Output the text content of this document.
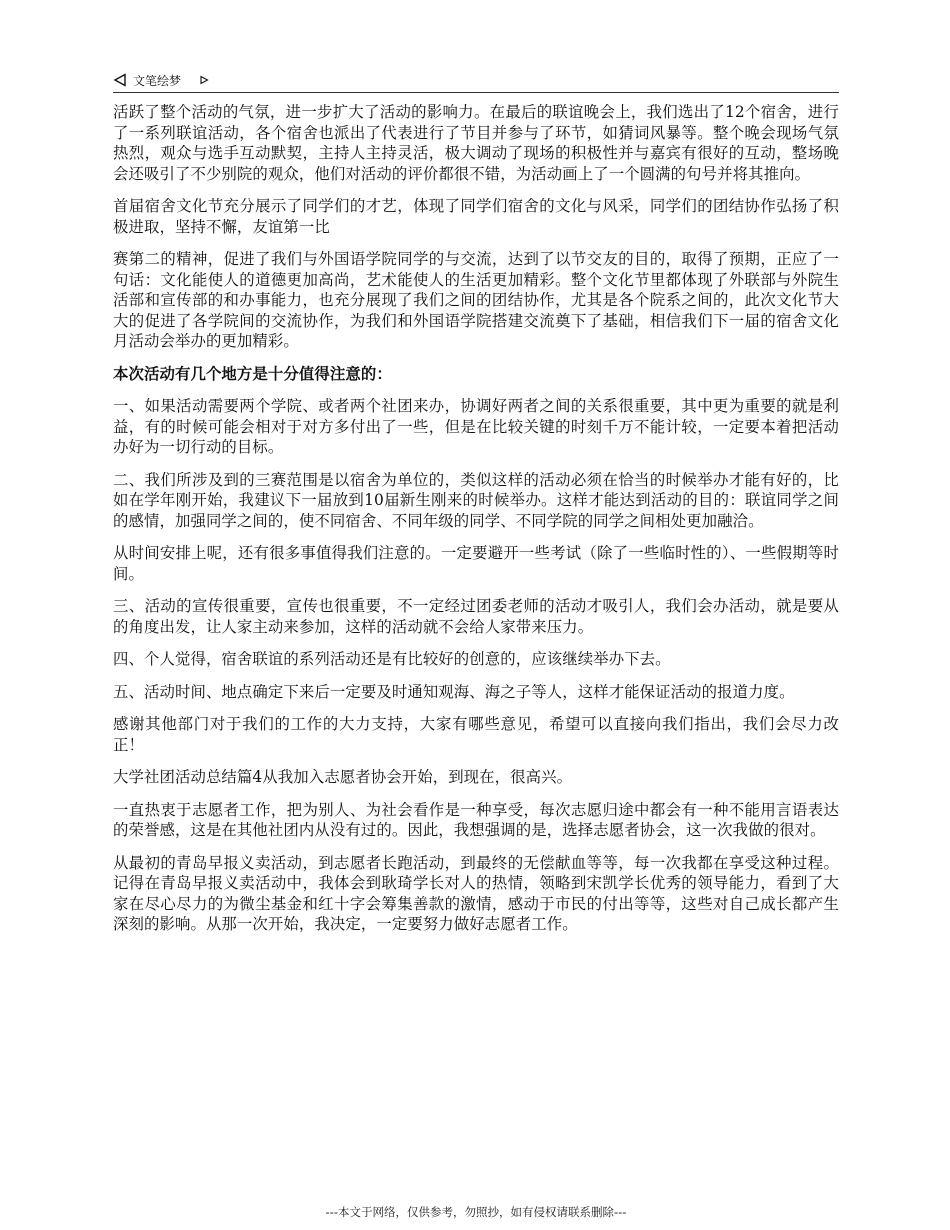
文笔绘梦

活跃了整个活动的气氛，进一步扩大了活动的影响力。在最后的联谊晚会上，我们选出了12个宿舍，进行了一系列联谊活动，各个宿舍也派出了代表进行了节目并参与了环节，如猜词风暴等。整个晚会现场气氛热烈，观众与选手互动默契，主持人主持灵活，极大调动了现场的积极性并与嘉宾有很好的互动，整场晚会还吸引了不少别院的观众，他们对活动的评价都很不错，为活动画上了一个圆满的句号并将其推向。

首届宿舍文化节充分展示了同学们的才艺，体现了同学们宿舍的文化与风采，同学们的团结协作弘扬了积极进取，坚持不懈，友谊第一比

赛第二的精神，促进了我们与外国语学院同学的与交流，达到了以节交友的目的，取得了预期，正应了一句话：文化能使人的道德更加高尚，艺术能使人的生活更加精彩。整个文化节里都体现了外联部与外院生活部和宣传部的和办事能力，也充分展现了我们之间的团结协作，尤其是各个院系之间的，此次文化节大大的促进了各学院间的交流协作，为我们和外国语学院搭建交流奠下了基础，相信我们下一届的宿舍文化月活动会举办的更加精彩。

本次活动有几个地方是十分值得注意的：

一、如果活动需要两个学院、或者两个社团来办，协调好两者之间的关系很重要，其中更为重要的就是利益，有的时候可能会相对于对方多付出了一些，但是在比较关键的时刻千万不能计较，一定要本着把活动办好为一切行动的目标。

二、我们所涉及到的三赛范围是以宿舍为单位的，类似这样的活动必须在恰当的时候举办才能有好的，比如在学年刚开始，我建议下一届放到10届新生刚来的时候举办。这样才能达到活动的目的：联谊同学之间的感情，加强同学之间的，使不同宿舍、不同年级的同学、不同学院的同学之间相处更加融洽。

从时间安排上呢，还有很多事值得我们注意的。一定要避开一些考试（除了一些临时性的）、一些假期等时间。

三、活动的宣传很重要，宣传也很重要，不一定经过团委老师的活动才吸引人，我们会办活动，就是要从的角度出发，让人家主动来参加，这样的活动就不会给人家带来压力。

四、个人觉得，宿舍联谊的系列活动还是有比较好的创意的，应该继续举办下去。

五、活动时间、地点确定下来后一定要及时通知观海、海之子等人，这样才能保证活动的报道力度。

感谢其他部门对于我们的工作的大力支持，大家有哪些意见，希望可以直接向我们指出，我们会尽力改正！

大学社团活动总结篇4从我加入志愿者协会开始，到现在，很高兴。

一直热衷于志愿者工作，把为别人、为社会看作是一种享受，每次志愿归途中都会有一种不能用言语表达的荣誉感，这是在其他社团内从没有过的。因此，我想强调的是，选择志愿者协会，这一次我做的很对。

从最初的青岛早报义卖活动，到志愿者长跑活动，到最终的无偿献血等等，每一次我都在享受这种过程。记得在青岛早报义卖活动中，我体会到耿琦学长对人的热情，领略到宋凯学长优秀的领导能力，看到了大家在尽心尽力的为微尘基金和红十字会筹集善款的激情，感动于市民的付出等等，这些对自己成长都产生深刻的影响。从那一次开始，我决定，一定要努力做好志愿者工作。

---本文于网络，仅供参考，勿照抄，如有侵权请联系删除---
